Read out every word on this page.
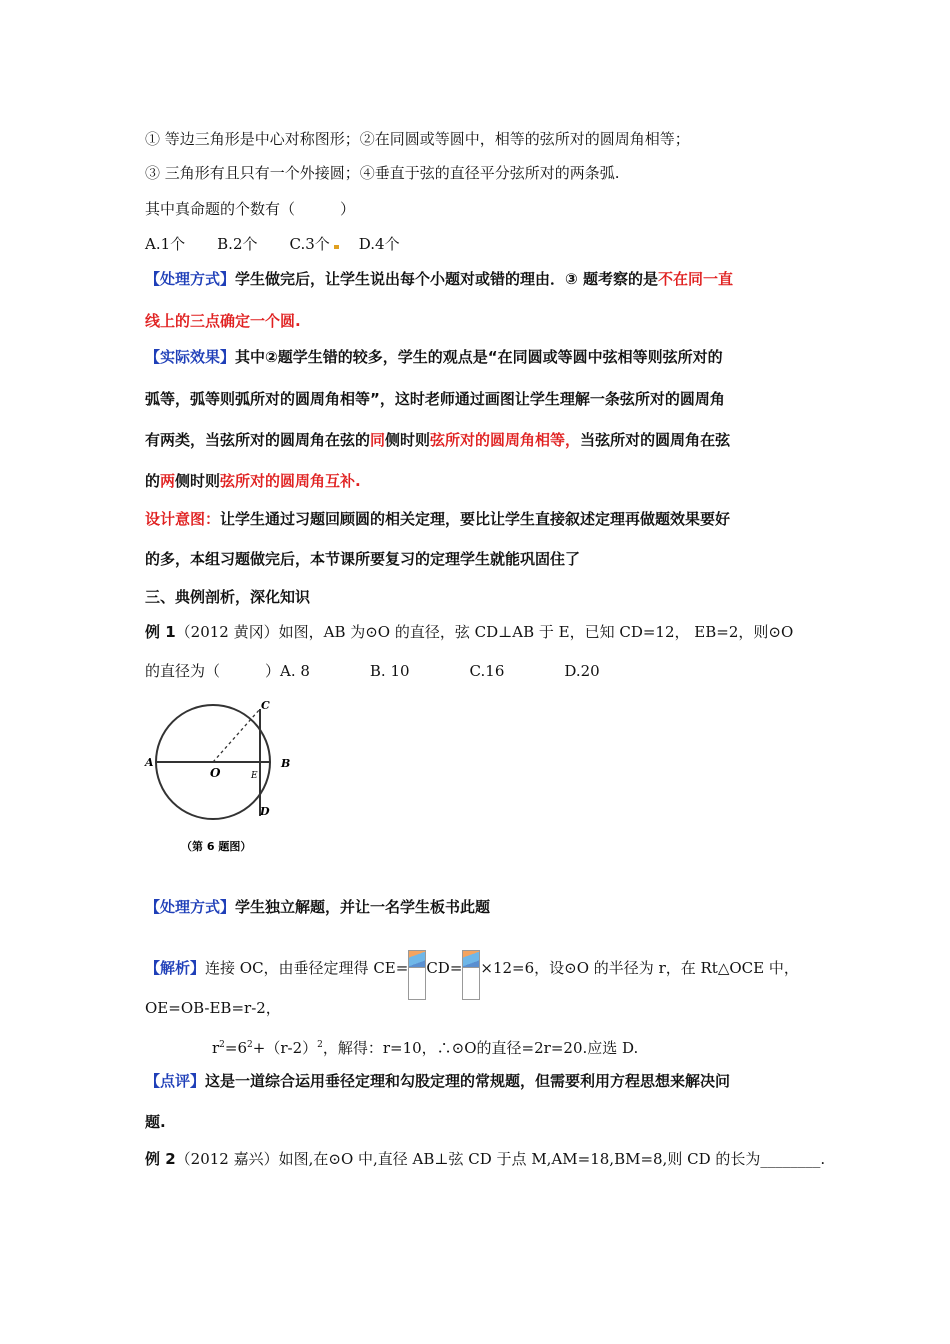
① 等边三角形是中心对称图形；②在同圆或等圆中，相等的弦所对的圆周角相等；
③ 三角形有且只有一个外接圆；④垂直于弦的直径平分弦所对的两条弧.
其中真命题的个数有（　　　）
A.1个 B.2个 C.3个 D.4个
【处理方式】学生做完后，让学生说出每个小题对或错的理由．③ 题考察的是不在同一直
线上的三点确定一个圆.
【实际效果】其中②题学生错的较多，学生的观点是“在同圆或等圆中弦相等则弦所对的
弧等，弧等则弧所对的圆周角相等”，这时老师通过画图让学生理解一条弦所对的圆周角
有两类，当弦所对的圆周角在弦的同侧时则弦所对的圆周角相等，当弦所对的圆周角在弦
的两侧时则弦所对的圆周角互补.
设计意图：让学生通过习题回顾圆的相关定理，要比让学生直接叙述定理再做题效果要好
的多，本组习题做完后，本节课所要复习的定理学生就能巩固住了
三、典例剖析，深化知识
例 1（2012 黄冈）如图，AB 为⊙O 的直径，弦 CD⊥AB 于 E，已知 CD=12， EB=2，则⊙O
的直径为（　　　）A. 8　　　　B. 10　　　　C.16　　　　D.20
A	B
C
D
E
O
（第 6 题图）
【处理方式】学生独立解题，并让一名学生板书此题
【解析】连接 OC，由垂径定理得 CE= CD= ×12=6，设⊙O 的半径为 r，在 Rt△OCE 中，
OE=OB-EB=r-2，
$r^2=6^2+(r-2)^2$，解得：r=10，∴⊙O的直径=2r=20.应选 D.
【点评】这是一道综合运用垂径定理和勾股定理的常规题，但需要利用方程思想来解决问
题.
例 2（2012 嘉兴）如图,在⊙O 中,直径 AB⊥弦 CD 于点 M,AM=18,BM=8,则 CD 的长为________.
